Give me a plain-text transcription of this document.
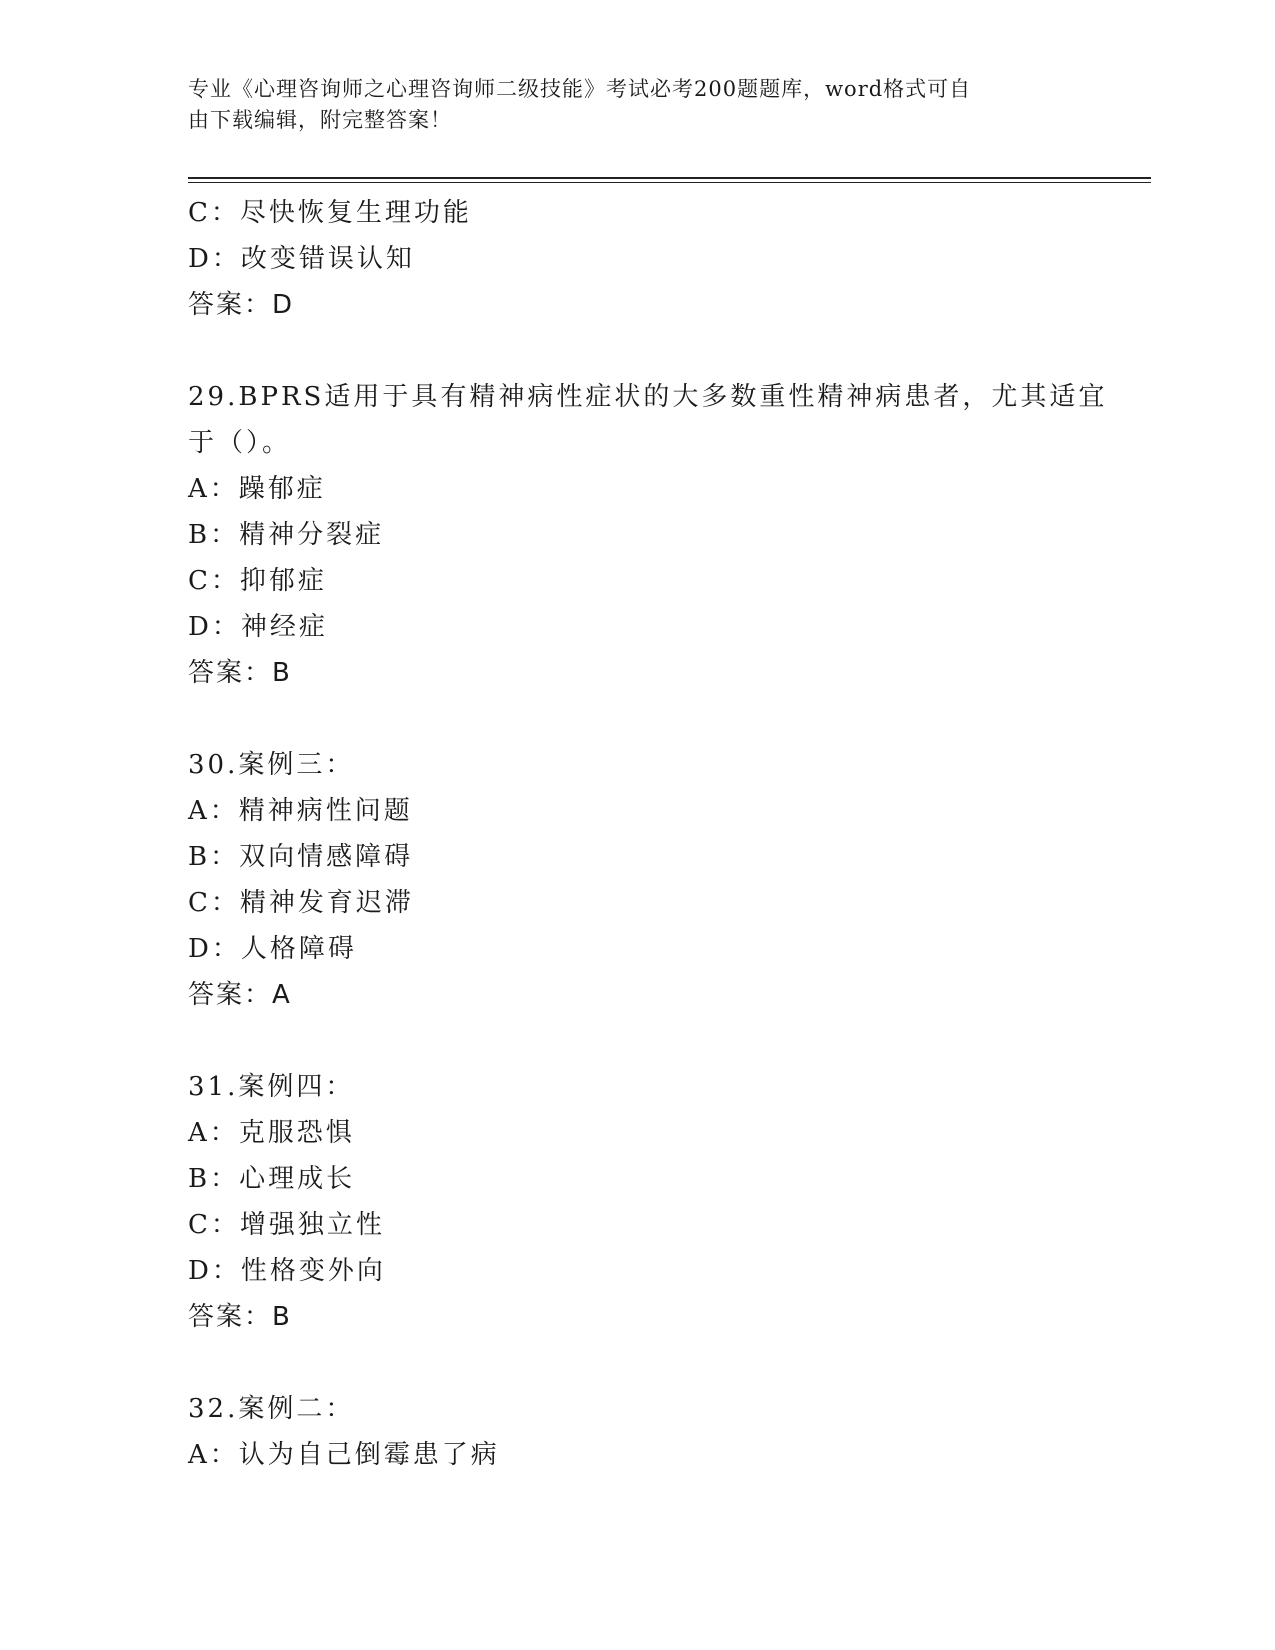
专业《心理咨询师之心理咨询师二级技能》考试必考200题题库，word格式可自
由下载编辑，附完整答案！
C：尽快恢复生理功能
D：改变错误认知
答案：D
29.BPRS适用于具有精神病性症状的大多数重性精神病患者，尤其适宜
于（）。
A：躁郁症
B：精神分裂症
C：抑郁症
D：神经症
答案：B
30.案例三：
A：精神病性问题
B：双向情感障碍
C：精神发育迟滞
D：人格障碍
答案：A
31.案例四：
A：克服恐惧
B：心理成长
C：增强独立性
D：性格变外向
答案：B
32.案例二：
A：认为自己倒霉患了病
